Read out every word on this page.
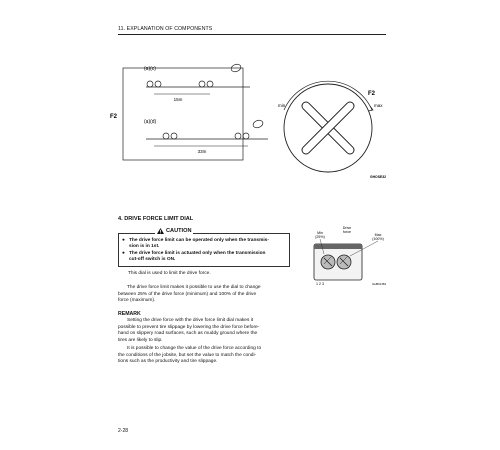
11. EXPLANATION OF COMPONENTS
(a)(c)
15m
F2
(a)(d)
33m
F2
min	max
GHOSE32
4. DRIVE FORCE LIMIT DIAL
CAUTION
● The drive force limit can be operated only when the transmis-
sion is in 1st.
● The drive force limit is actuated only when the transmission
cut-off switch is ON.
This dial is used to limit the drive force.
The drive force limit makes it possible to use the dial to change
between 25% of the drive force (minimum) and 100% of the drive
force (maximum).
Drive
force
Min
(25%)	Max
(100%)
1 2 3	GHB01384
REMARK
Setting the drive force with the drive force limit dial makes it
possible to prevent tire slippage by lowering the drive force before-
hand on slippery road surfaces, such as muddy ground where the
tires are likely to slip.
It is possible to change the value of the drive force according to
the conditions of the jobsite, but set the value to match the condi-
tions such as the productivity and tire slippage.
2-28
